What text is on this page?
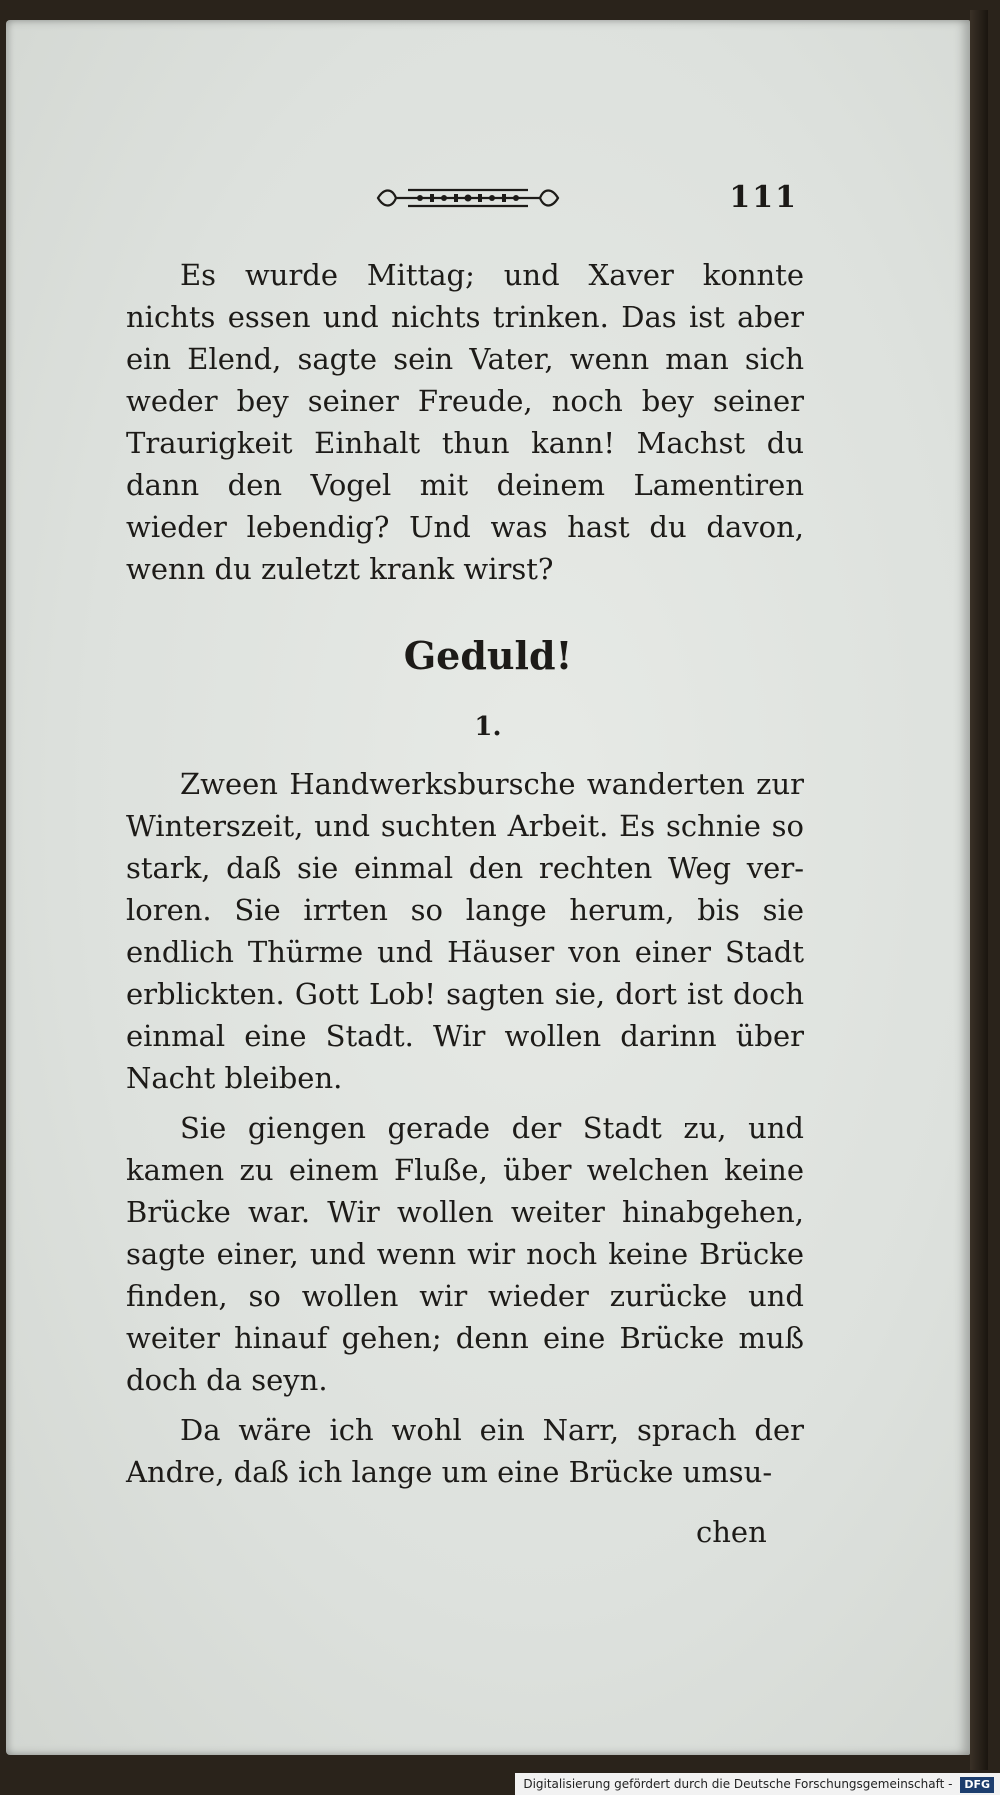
111

Es wurde Mittag; und Xaver konnte nichts essen und nichts trinken. Das ist aber ein Elend, sagte sein Vater, wenn man sich weder bey seiner Freude, noch bey seiner Traurigkeit Einhalt thun kann! Machst du dann den Vogel mit deinem Lamentiren wieder lebendig? Und was hast du davon, wenn du zuletzt krank wirst?

Geduld!
1.

Zween Handwerksbursche wanderten zur Winterszeit, und suchten Arbeit. Es schnie so stark, daß sie einmal den rechten Weg verloren. Sie irrten so lange herum, bis sie endlich Thürme und Häuser von einer Stadt erblickten. Gott Lob! sagten sie, dort ist doch einmal eine Stadt. Wir wollen darinn über Nacht bleiben.

Sie giengen gerade der Stadt zu, und kamen zu einem Fluße, über welchen keine Brücke war. Wir wollen weiter hinabgehen, sagte einer, und wenn wir noch keine Brücke finden, so wollen wir wieder zurücke und weiter hinauf gehen; denn eine Brücke muß doch da seyn.

Da wäre ich wohl ein Narr, sprach der Andre, daß ich lange um eine Brücke umsu-

chen
Digitalisierung gefördert durch die Deutsche Forschungsgemeinschaft - DFG
